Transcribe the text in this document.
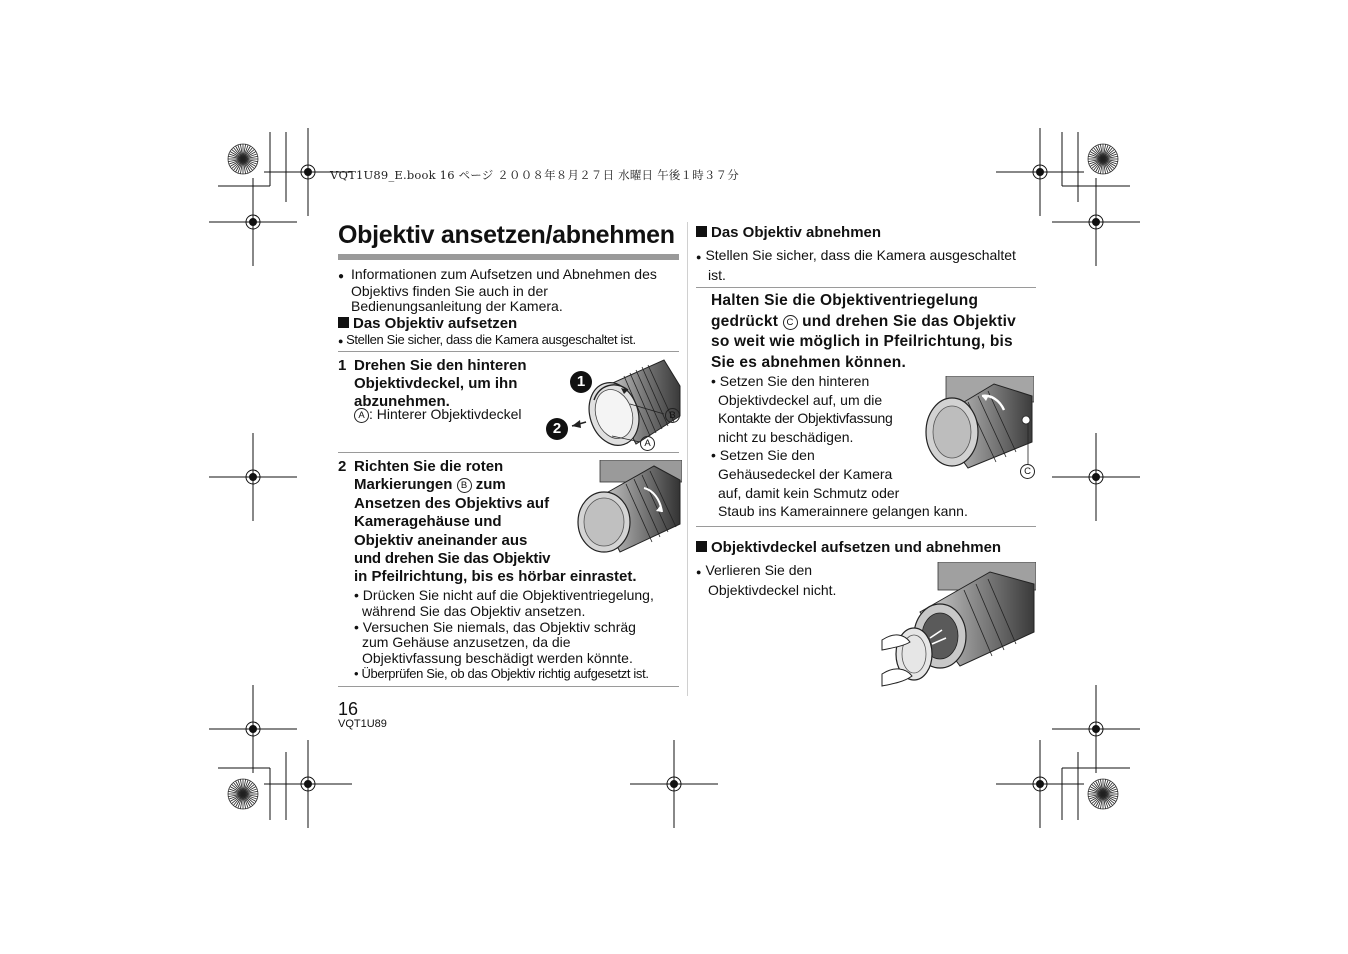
VQT1U89_E.book 16 ページ ２００８年８月２７日 水曜日 午後１時３７分
Objektiv ansetzen/abnehmen
● Informationen zum Aufsetzen und Abnehmen des
Objektivs finden Sie auch in der
Bedienungsanleitung der Kamera.
Das Objektiv aufsetzen
● Stellen Sie sicher, dass die Kamera ausgeschaltet ist.
1 Drehen Sie den hinteren
Objektivdeckel, um ihn
abzunehmen.
A : Hinterer Objektivdeckel
1
2
B
A
2 Richten Sie die roten
Markierungen B zum
Ansetzen des Objektivs auf
Kameragehäuse und
Objektiv aneinander aus
und drehen Sie das Objektiv
in Pfeilrichtung, bis es hörbar einrastet.
• Drücken Sie nicht auf die Objektiventriegelung,
während Sie das Objektiv ansetzen.
• Versuchen Sie niemals, das Objektiv schräg
zum Gehäuse anzusetzen, da die
Objektivfassung beschädigt werden könnte.
• Überprüfen Sie, ob das Objektiv richtig aufgesetzt ist.
Das Objektiv abnehmen
● Stellen Sie sicher, dass die Kamera ausgeschaltet
ist.
Halten Sie die Objektiventriegelung
gedrückt C und drehen Sie das Objektiv
so weit wie möglich in Pfeilrichtung, bis
Sie es abnehmen können.
• Setzen Sie den hinteren
Objektivdeckel auf, um die
Kontakte der Objektivfassung
nicht zu beschädigen.
• Setzen Sie den
Gehäusedeckel der Kamera
auf, damit kein Schmutz oder
Staub ins Kamerainnere gelangen kann.
C
Objektivdeckel aufsetzen und abnehmen
● Verlieren Sie den
Objektivdeckel nicht.
16
VQT1U89
